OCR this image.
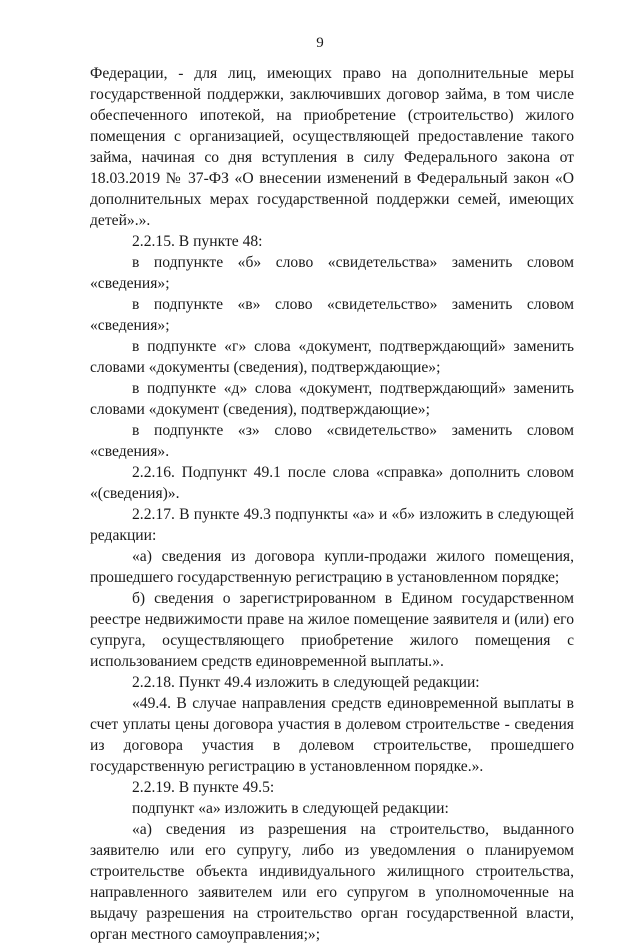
9

Федерации, - для лиц, имеющих право на дополнительные меры государственной поддержки, заключивших договор займа, в том числе обеспеченного ипотекой, на приобретение (строительство) жилого помещения с организацией, осуществляющей предоставление такого займа, начиная со дня вступления в силу Федерального закона от 18.03.2019 № 37-ФЗ «О внесении изменений в Федеральный закон «О дополнительных мерах государственной поддержки семей, имеющих детей».».

2.2.15. В пункте 48:

в подпункте «б» слово «свидетельства» заменить словом «сведения»;

в подпункте «в» слово «свидетельство» заменить словом «сведения»;

в подпункте «г» слова «документ, подтверждающий» заменить словами «документы (сведения), подтверждающие»;

в подпункте «д» слова «документ, подтверждающий» заменить словами «документ (сведения), подтверждающие»;

в подпункте «з» слово «свидетельство» заменить словом «сведения».

2.2.16. Подпункт 49.1 после слова «справка» дополнить словом «(сведения)».

2.2.17. В пункте 49.3 подпункты «а» и «б» изложить в следующей редакции:

«а) сведения из договора купли-продажи жилого помещения, прошедшего государственную регистрацию в установленном порядке;

б) сведения о зарегистрированном в Едином государственном реестре недвижимости праве на жилое помещение заявителя и (или) его супруга, осуществляющего приобретение жилого помещения с использованием средств единовременной выплаты.».

2.2.18. Пункт 49.4 изложить в следующей редакции:

«49.4. В случае направления средств единовременной выплаты в счет уплаты цены договора участия в долевом строительстве - сведения из договора участия в долевом строительстве, прошедшего государственную регистрацию в установленном порядке.».

2.2.19. В пункте 49.5:

подпункт «а» изложить в следующей редакции:

«а) сведения из разрешения на строительство, выданного заявителю или его супругу, либо из уведомления о планируемом строительстве объекта индивидуального жилищного строительства, направленного заявителем или его супругом в уполномоченные на выдачу разрешения на строительство орган государственной власти, орган местного самоуправления;»;
